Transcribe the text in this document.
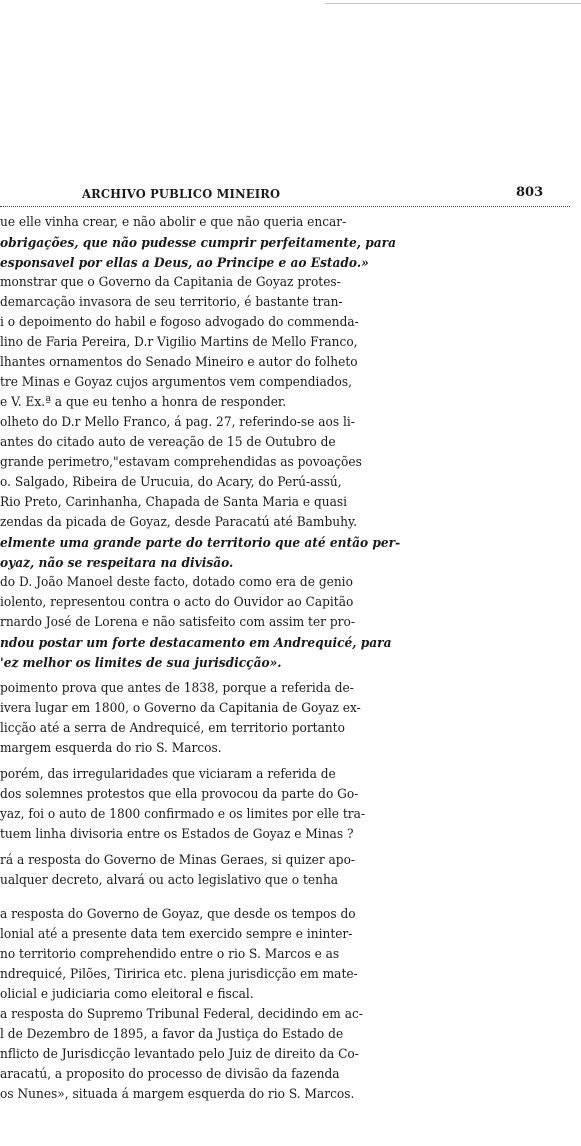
ARCHIVO PUBLICO MINEIRO	803
ue elle vinha crear, e não abolir e que não queria encar-
obrigações, que não pudesse cumprir perfeitamente, para
esponsavel por ellas a Deus, ao Principe e ao Estado.»
monstrar que o Governo da Capitania de Goyaz protes-
demarcação invasora de seu territorio, é bastante tran-
i o depoimento do habil e fogoso advogado do commenda-
lino de Faria Pereira, D.r Vigilio Martins de Mello Franco,
lhantes ornamentos do Senado Mineiro e autor do folheto
tre Minas e Goyaz cujos argumentos vem compendiados,
e V. Ex.ª a que eu tenho a honra de responder.
olheto do D.r Mello Franco, á pag. 27, referindo-se aos li-
antes do citado auto de vereação de 15 de Outubro de
grande perimetro,"estavam comprehendidas as povoações
o. Salgado, Ribeira de Urucuia, do Acary, do Perú-assú,
Rio Preto, Carinhanha, Chapada de Santa Maria e quasi
zendas da picada de Goyaz, desde Paracatú até Bambuhy.
elmente uma grande parte do territorio que até então per-
oyaz, não se respeitara na divisão.
do D. João Manoel deste facto, dotado como era de genio
iolento, representou contra o acto do Ouvidor ao Capitão
rnardo José de Lorena e não satisfeito com assim ter pro-
ndou postar um forte destacamento em Andrequicé, para
'ez melhor os limites de sua jurisdicção».
poimento prova que antes de 1838, porque a referida de-
ivera lugar em 1800, o Governo da Capitania de Goyaz ex-
licção até a serra de Andrequicé, em territorio portanto
margem esquerda do rio S. Marcos.
porém, das irregularidades que viciaram a referida de
dos solemnes protestos que ella provocou da parte do Go-
yaz, foi o auto de 1800 confirmado e os limites por elle tra-
tuem linha divisoria entre os Estados de Goyaz e Minas ?
rá a resposta do Governo de Minas Geraes, si quizer apo-
ualquer decreto, alvará ou acto legislativo que o tenha
a resposta do Governo de Goyaz, que desde os tempos do
lonial até a presente data tem exercido sempre e ininter-
no territorio comprehendido entre o rio S. Marcos e as
ndrequicé, Pilões, Tiririca etc. plena jurisdicção em mate-
olicial e judiciaria como eleitoral e fiscal.
a resposta do Supremo Tribunal Federal, decidindo em ac-
l de Dezembro de 1895, a favor da Justiça do Estado de
nflicto de Jurisdicção levantado pelo Juiz de direito da Co-
aracatú, a proposito do processo de divisão da fazenda
os Nunes», situada á margem esquerda do rio S. Marcos.
